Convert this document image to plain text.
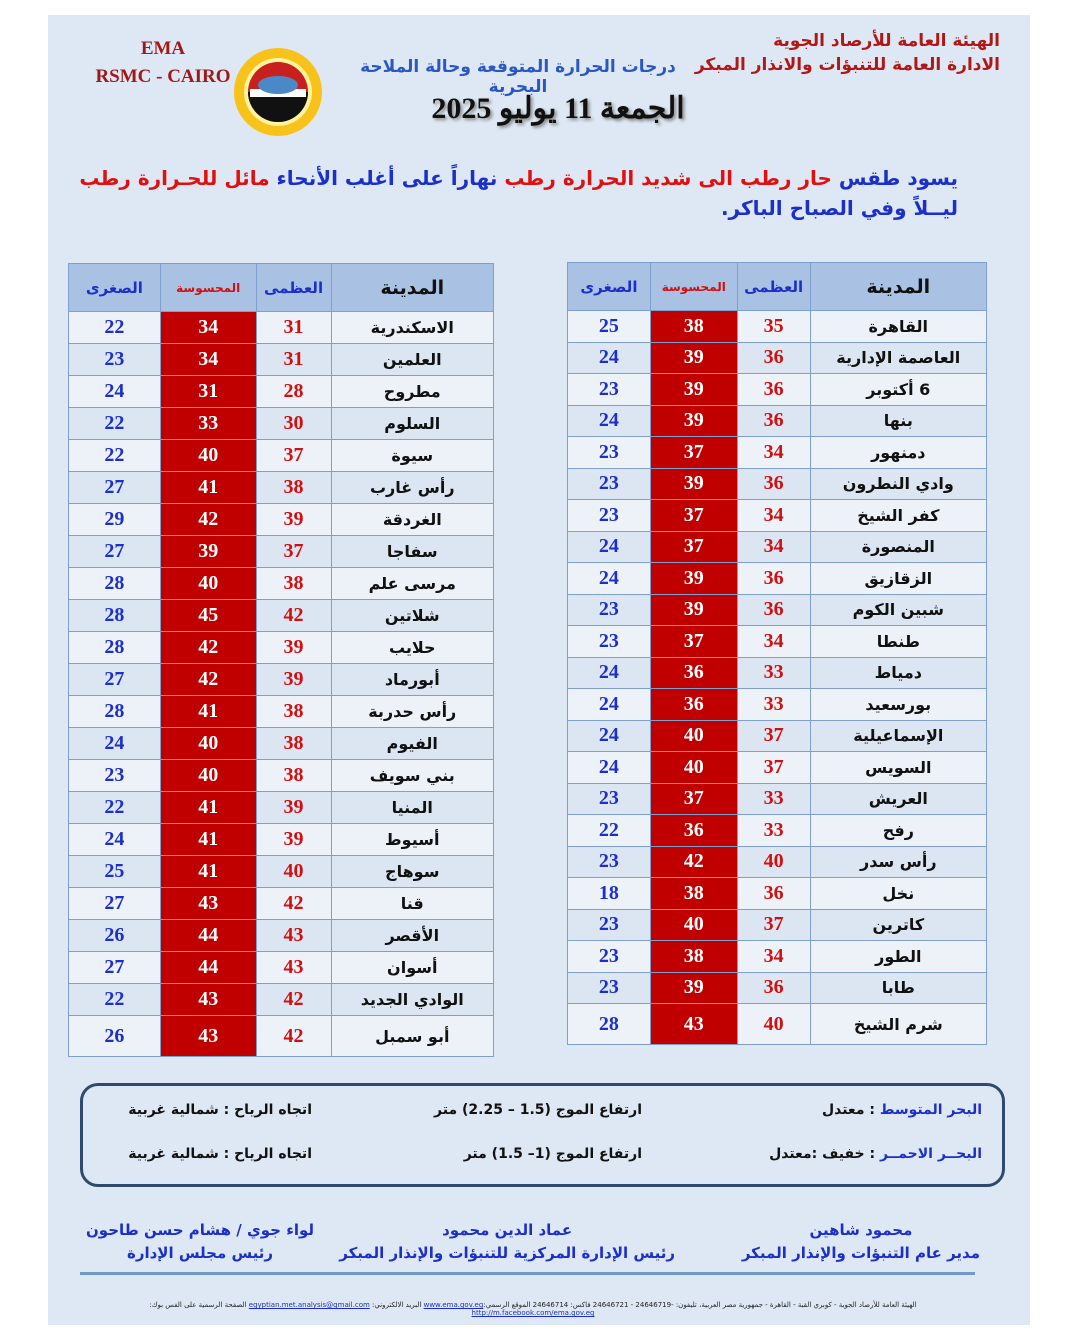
الهيئة العامة للأرصاد الجوية
الادارة العامة للتنبؤات والانذار المبكر
EMA
RSMC - CAIRO	درجات الحرارة المتوقعة وحالة الملاحة البحرية
الجمعة 11 يوليو 2025
يسود طقس حار رطب الى شديد الحرارة رطب نهاراً على أغلب الأنحاء مائل للحـرارة رطب ليــلاً وفي الصباح الباكر.
المدينة	العظمى	المحسوسة	الصغرى
القاهرة	35	38	25
العاصمة الإدارية	36	39	24
6 أكتوبر	36	39	23
بنها	36	39	24
دمنهور	34	37	23
وادي النطرون	36	39	23
كفر الشيخ	34	37	23
المنصورة	34	37	24
الزقازيق	36	39	24
شبين الكوم	36	39	23
طنطا	34	37	23
دمياط	33	36	24
بورسعيد	33	36	24
الإسماعيلية	37	40	24
السويس	37	40	24
العريش	33	37	23
رفح	33	36	22
رأس سدر	40	42	23
نخل	36	38	18
كاترين	37	40	23
الطور	34	38	23
طابا	36	39	23
شرم الشيخ	40	43	28
المدينة	العظمى	المحسوسة	الصغرى
الاسكندرية	31	34	22
العلمين	31	34	23
مطروح	28	31	24
السلوم	30	33	22
سيوة	37	40	22
رأس غارب	38	41	27
الغردقة	39	42	29
سفاجا	37	39	27
مرسى علم	38	40	28
شلاتين	42	45	28
حلايب	39	42	28
أبورماد	39	42	27
رأس حدربة	38	41	28
الفيوم	38	40	24
بني سويف	38	40	23
المنيا	39	41	22
أسيوط	39	41	24
سوهاج	40	41	25
قنا	42	43	27
الأقصر	43	44	26
أسوان	43	44	27
الوادي الجديد	42	43	22
أبو سمبل	42	43	26
البحر المتوسط : معتدل
ارتفاع الموج (1.5 – 2.25) متر
اتجاه الرياح : شمالية غربية
البحــر الاحمــر : خفيف :معتدل
ارتفاع الموج (1– 1.5) متر
اتجاه الرياح : شمالية غربية
محمود شاهين
مدير عام التنبؤات والإنذار المبكر
عماد الدين محمود
رئيس الإدارة المركزية للتنبؤات والإنذار المبكر
لواء جوي / هشام حسن طاحون
رئيس مجلس الإدارة
الهيئة العامة للأرصاد الجوية - كوبري القبة - القاهرة - جمهورية مصر العربية، تليفون: -24646719 - 24646721 فاكس: 24646714 الموقع الرسمي:www.ema.gov.eg البريد الالكتروني: egyptian.met.analysis@gmail.com الصفحة الرسمية على الفس بوك: http://m.facebook.com/ema.gov.eg
